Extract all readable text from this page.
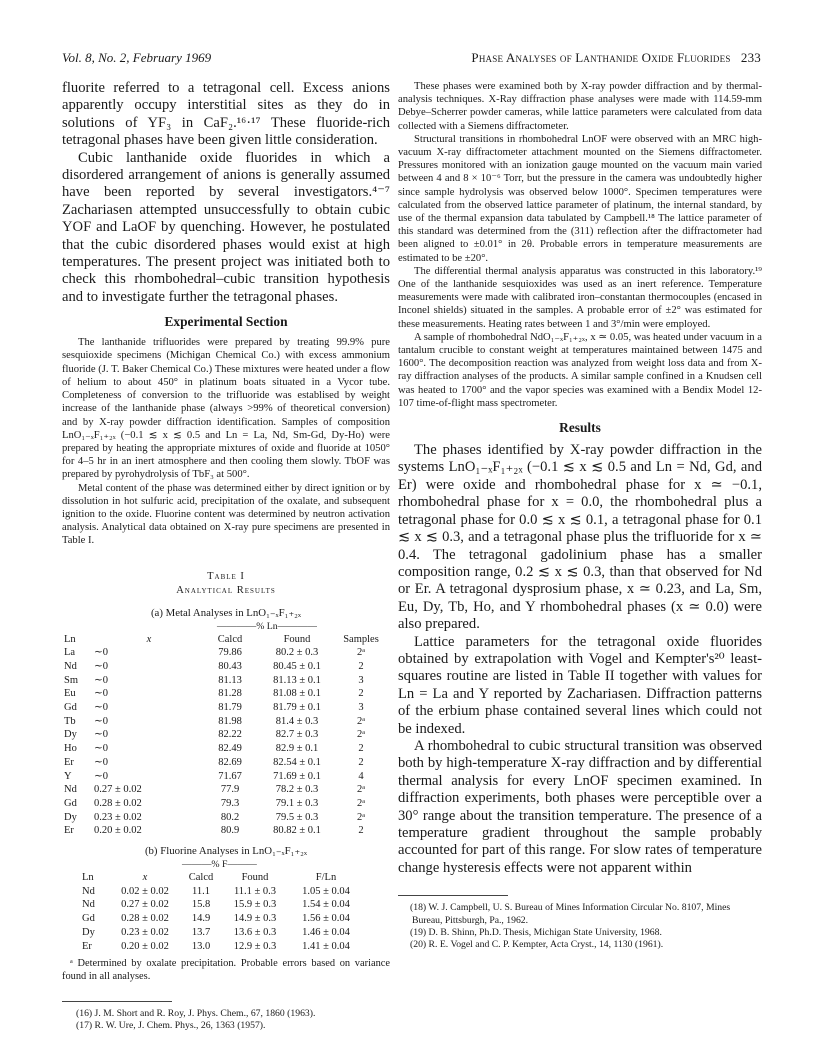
Vol. 8, No. 2, February 1969	Phase Analyses of Lanthanide Oxide Fluorides 233

fluorite referred to a tetragonal cell. Excess anions apparently occupy interstitial sites as they do in solutions of YF₃ in CaF₂.¹⁶·¹⁷ These fluoride-rich tetragonal phases have been given little consideration.

Cubic lanthanide oxide fluorides in which a disordered arrangement of anions is generally assumed have been reported by several investigators.⁴⁻⁷ Zachariasen attempted unsuccessfully to obtain cubic YOF and LaOF by quenching. However, he postulated that the cubic disordered phases would exist at high temperatures. The present project was initiated both to check this rhombohedral–cubic transition hypothesis and to investigate further the tetragonal phases.

Experimental Section

The lanthanide trifluorides were prepared by treating 99.9% pure sesquioxide specimens (Michigan Chemical Co.) with excess ammonium fluoride (J. T. Baker Chemical Co.) These mixtures were heated under a flow of helium to about 450° in platinum boats situated in a Vycor tube. Completeness of conversion to the trifluoride was establised by weight increase of the lanthanide phase (always >99% of theoretical conversion) and by X-ray powder diffraction identification. Samples of composition LnO₁₋ₓF₁₊₂ₓ (−0.1 ≲ x ≲ 0.5 and Ln = La, Nd, Sm-Gd, Dy-Ho) were prepared by heating the appropriate mixtures of oxide and fluoride at 1050° for 4–5 hr in an inert atmosphere and then cooling them slowly. TbOF was prepared by pyrohydrolysis of TbF₃ at 500°.

Metal content of the phase was determined either by direct ignition or by dissolution in hot sulfuric acid, precipitation of the oxalate, and subsequent ignition to the oxide. Fluorine content was determined by neutron activation analysis. Analytical data obtained on X-ray pure specimens are presented in Table I.

Table I
Analytical Results
(a) Metal Analyses in LnO₁₋ₓF₁₊₂ₓ
————% Ln————
Ln	x	Calcd	Found	Samples
La	∼0	79.86	80.2 ± 0.3	2ᵃ
Nd	∼0	80.43	80.45 ± 0.1	2
Sm	∼0	81.13	81.13 ± 0.1	3
Eu	∼0	81.28	81.08 ± 0.1	2
Gd	∼0	81.79	81.79 ± 0.1	3
Tb	∼0	81.98	81.4 ± 0.3	2ᵃ
Dy	∼0	82.22	82.7 ± 0.3	2ᵃ
Ho	∼0	82.49	82.9 ± 0.1	2
Er	∼0	82.69	82.54 ± 0.1	2
Y	∼0	71.67	71.69 ± 0.1	4
Nd	0.27 ± 0.02	77.9	78.2 ± 0.3	2ᵃ
Gd	0.28 ± 0.02	79.3	79.1 ± 0.3	2ᵃ
Dy	0.23 ± 0.02	80.2	79.5 ± 0.3	2ᵃ
Er	0.20 ± 0.02	80.9	80.82 ± 0.1	2
(b) Fluorine Analyses in LnO₁₋ₓF₁₊₂ₓ
———% F———
Ln	x	Calcd	Found	F/Ln
Nd	0.02 ± 0.02	11.1	11.1 ± 0.3	1.05 ± 0.04
Nd	0.27 ± 0.02	15.8	15.9 ± 0.3	1.54 ± 0.04
Gd	0.28 ± 0.02	14.9	14.9 ± 0.3	1.56 ± 0.04
Dy	0.23 ± 0.02	13.7	13.6 ± 0.3	1.46 ± 0.04
Er	0.20 ± 0.02	13.0	12.9 ± 0.3	1.41 ± 0.04

ᵃ Determined by oxalate precipitation. Probable errors based on variance found in all analyses.

(16) J. M. Short and R. Roy, J. Phys. Chem., 67, 1860 (1963).
(17) R. W. Ure, J. Chem. Phys., 26, 1363 (1957).

These phases were examined both by X-ray powder diffraction and by thermal-analysis techniques. X-Ray diffraction phase analyses were made with 114.59-mm Debye–Scherrer powder cameras, while lattice parameters were calculated from data collected with a Siemens diffractometer.

Structural transitions in rhombohedral LnOF were observed with an MRC high-vacuum X-ray diffractometer attachment mounted on the Siemens diffractometer. Pressures monitored with an ionization gauge mounted on the vacuum main varied between 4 and 8 × 10⁻⁶ Torr, but the pressure in the camera was undoubtedly higher since sample hydrolysis was observed below 1000°. Specimen temperatures were calculated from the observed lattice parameter of platinum, the internal standard, by use of the thermal expansion data tabulated by Campbell.¹⁸ The lattice parameter of this standard was determined from the (311) reflection after the diffractometer had been aligned to ±0.01° in 2θ. Probable errors in temperature measurements are estimated to be ±20°.

The differential thermal analysis apparatus was constructed in this laboratory.¹⁹ One of the lanthanide sesquioxides was used as an inert reference. Temperature measurements were made with calibrated iron–constantan thermocouples (encased in Inconel shields) situated in the samples. A probable error of ±2° was estimated for these measurements. Heating rates between 1 and 3°/min were employed.

A sample of rhombohedral NdO₁₋ₓF₁₊₂ₓ, x ≃ 0.05, was heated under vacuum in a tantalum crucible to constant weight at temperatures maintained between 1475 and 1600°. The decomposition reaction was analyzed from weight loss data and from X-ray diffraction analyses of the products. A similar sample confined in a Knudsen cell was heated to 1700° and the vapor species was examined with a Bendix Model 12-107 time-of-flight mass spectrometer.

Results

The phases identified by X-ray powder diffraction in the systems LnO₁₋ₓF₁₊₂ₓ (−0.1 ≲ x ≲ 0.5 and Ln = Nd, Gd, and Er) were oxide and rhombohedral phase for x ≃ −0.1, rhombohedral phase for x = 0.0, the rhombohedral plus a tetragonal phase for 0.0 ≲ x ≲ 0.1, a tetragonal phase for 0.1 ≲ x ≲ 0.3, and a tetragonal phase plus the trifluoride for x ≃ 0.4. The tetragonal gadolinium phase has a smaller composition range, 0.2 ≲ x ≲ 0.3, than that observed for Nd or Er. A tetragonal dysprosium phase, x ≃ 0.23, and La, Sm, Eu, Dy, Tb, Ho, and Y rhombohedral phases (x ≃ 0.0) were also prepared.

Lattice parameters for the tetragonal oxide fluorides obtained by extrapolation with Vogel and Kempter's²⁰ least-squares routine are listed in Table II together with values for Ln = La and Y reported by Zachariasen. Diffraction patterns of the erbium phase contained several lines which could not be indexed.

A rhombohedral to cubic structural transition was observed both by high-temperature X-ray diffraction and by differential thermal analysis for every LnOF specimen examined. In diffraction experiments, both phases were perceptible over a 30° range about the transition temperature. The presence of a temperature gradient throughout the sample probably accounted for part of this range. For slow rates of temperature change hysteresis effects were not apparent within

(18) W. J. Campbell, U. S. Bureau of Mines Information Circular No. 8107, Mines Bureau, Pittsburgh, Pa., 1962.
(19) D. B. Shinn, Ph.D. Thesis, Michigan State University, 1968.
(20) R. E. Vogel and C. P. Kempter, Acta Cryst., 14, 1130 (1961).
